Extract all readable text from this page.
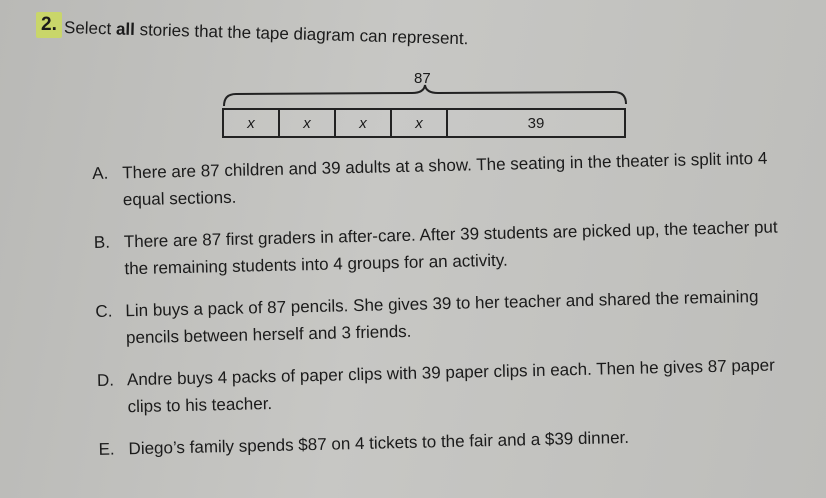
2. Select all stories that the tape diagram can represent.
87
x	x	x	x	39
A. There are 87 children and 39 adults at a show. The seating in the theater is split into 4 equal sections.
B. There are 87 first graders in after-care. After 39 students are picked up, the teacher put the remaining students into 4 groups for an activity.
C. Lin buys a pack of 87 pencils. She gives 39 to her teacher and shared the remaining pencils between herself and 3 friends.
D. Andre buys 4 packs of paper clips with 39 paper clips in each. Then he gives 87 paper clips to his teacher.
E. Diego’s family spends $87 on 4 tickets to the fair and a $39 dinner.
